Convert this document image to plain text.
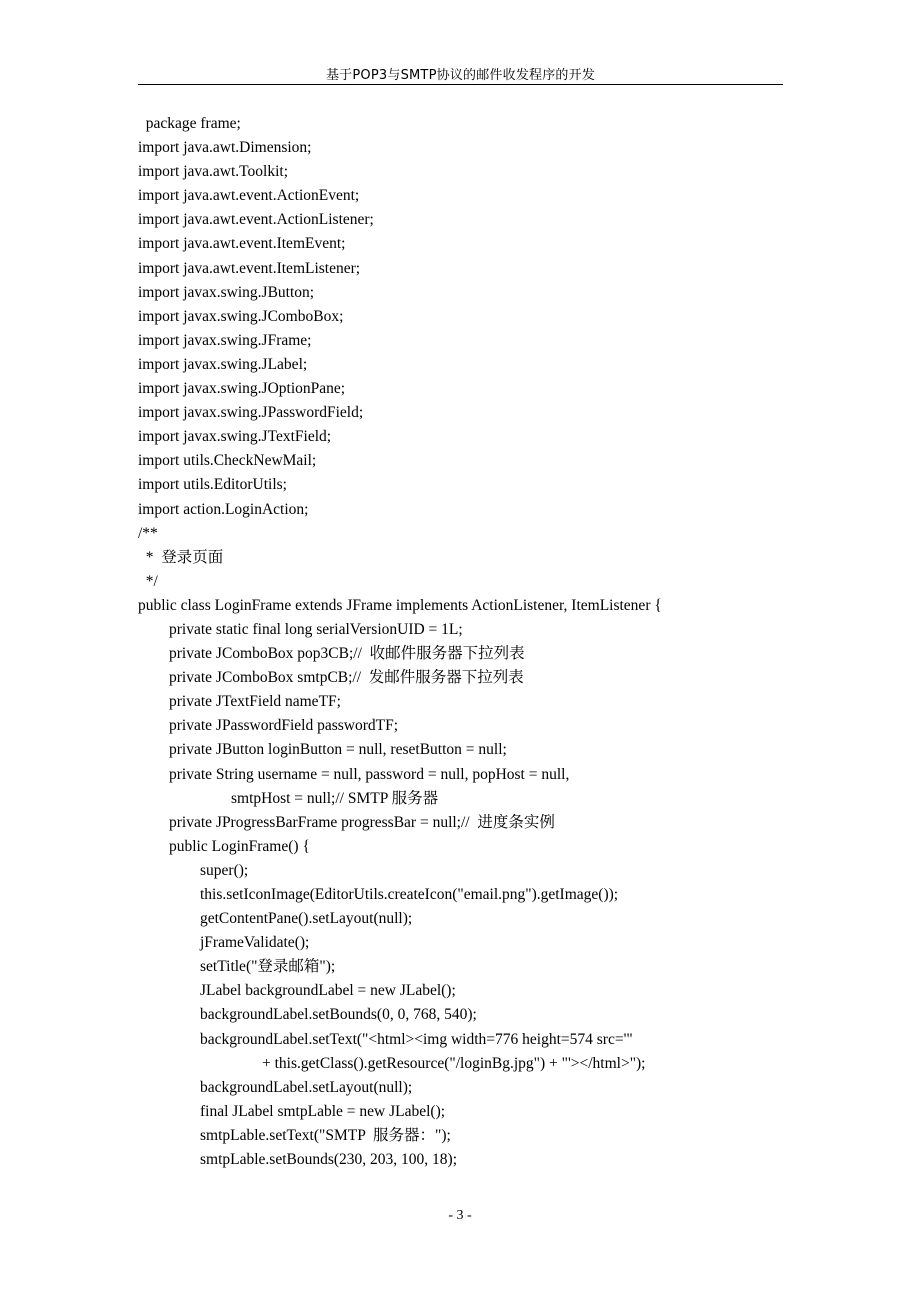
基于POP3与SMTP协议的邮件收发程序的开发
package frame;
import java.awt.Dimension;
import java.awt.Toolkit;
import java.awt.event.ActionEvent;
import java.awt.event.ActionListener;
import java.awt.event.ItemEvent;
import java.awt.event.ItemListener;
import javax.swing.JButton;
import javax.swing.JComboBox;
import javax.swing.JFrame;
import javax.swing.JLabel;
import javax.swing.JOptionPane;
import javax.swing.JPasswordField;
import javax.swing.JTextField;
import utils.CheckNewMail;
import utils.EditorUtils;
import action.LoginAction;
/**
*  登录页面
*/
public class LoginFrame extends JFrame implements ActionListener, ItemListener {
private static final long serialVersionUID = 1L;
private JComboBox pop3CB;//  收邮件服务器下拉列表
private JComboBox smtpCB;//  发邮件服务器下拉列表
private JTextField nameTF;
private JPasswordField passwordTF;
private JButton loginButton = null, resetButton = null;
private String username = null, password = null, popHost = null,
smtpHost = null;// SMTP 服务器
private JProgressBarFrame progressBar = null;//  进度条实例
public LoginFrame() {
super();
this.setIconImage(EditorUtils.createIcon("email.png").getImage());
getContentPane().setLayout(null);
jFrameValidate();
setTitle("登录邮箱");
JLabel backgroundLabel = new JLabel();
backgroundLabel.setBounds(0, 0, 768, 540);
backgroundLabel.setText("<html><img width=776 height=574 src='"
+ this.getClass().getResource("/loginBg.jpg") + "'></html>");
backgroundLabel.setLayout(null);
final JLabel smtpLable = new JLabel();
smtpLable.setText("SMTP  服务器：");
smtpLable.setBounds(230, 203, 100, 18);
- 3 -
